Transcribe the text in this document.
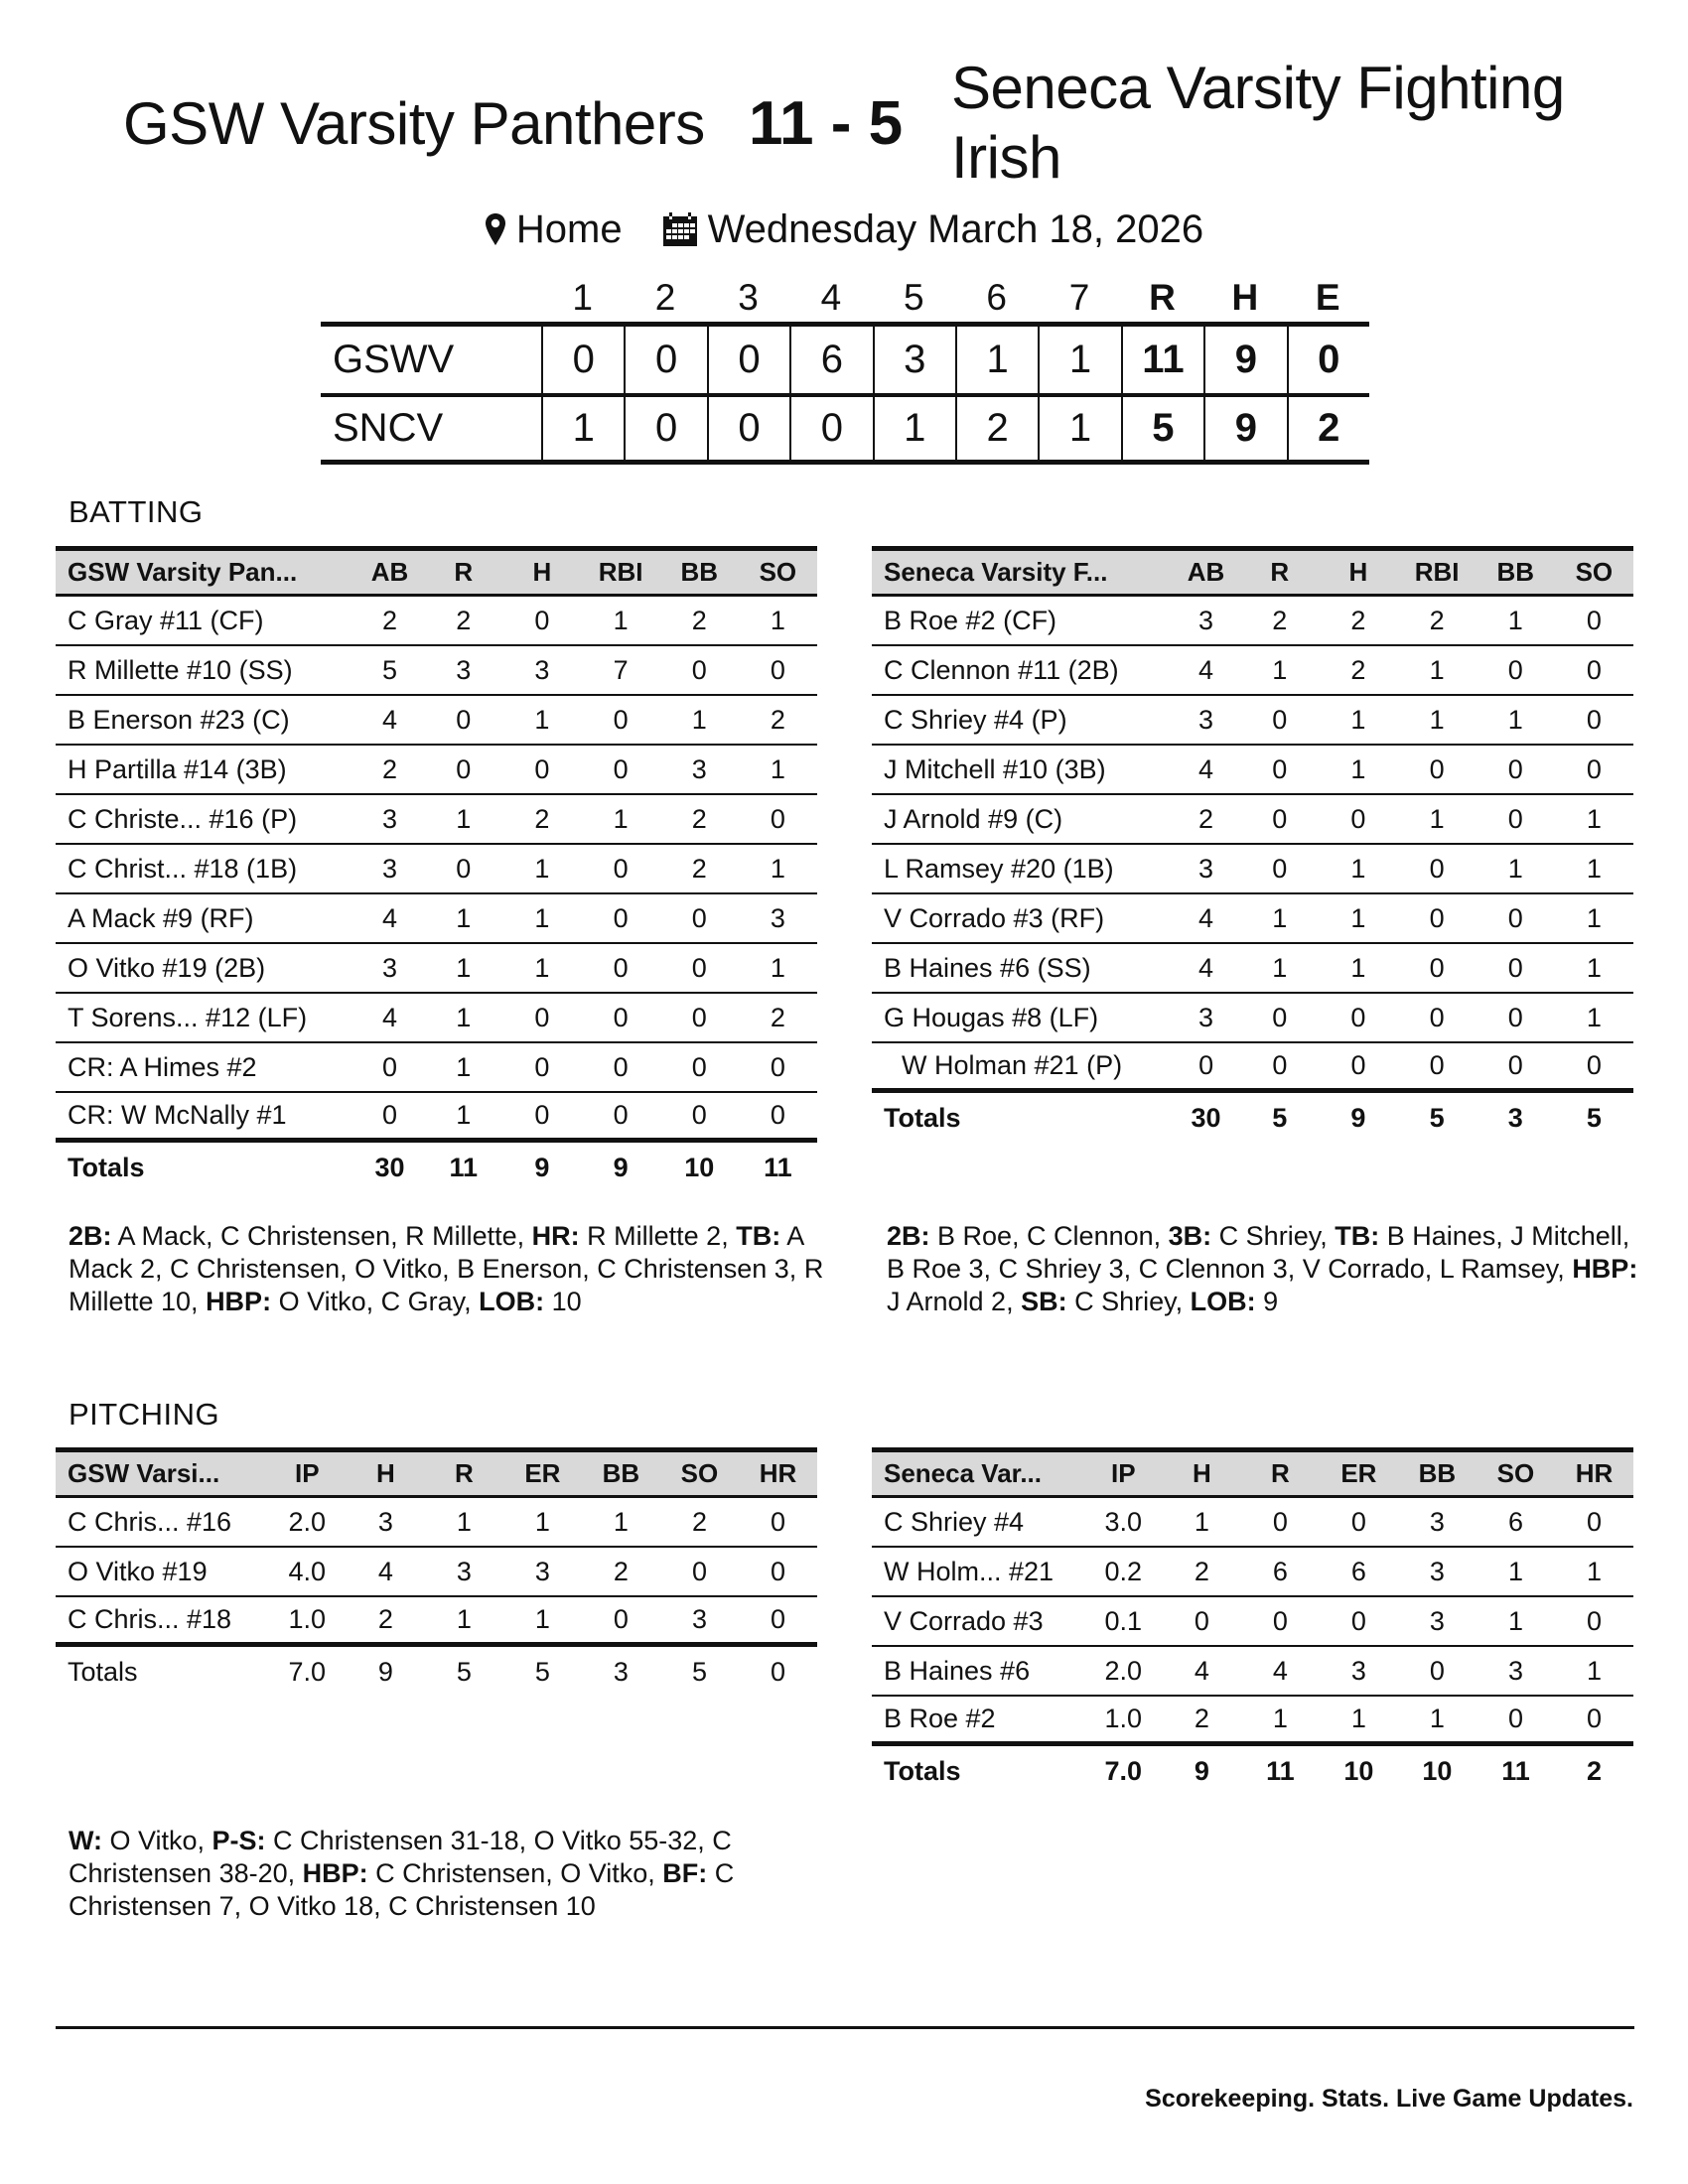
GSW Varsity Panthers 11 - 5
Seneca Varsity Fighting Irish
Home Wednesday March 18, 2026
1	2	3	4	5	6	7	R	H	E
GSWV	0	0	0	6	3	1	1	11	9	0
SNCV	1	0	0	0	1	2	1	5	9	2
BATTING
GSW Varsity Pan...	AB	R	H	RBI	BB	SO
C Gray #11 (CF)	2	2	0	1	2	1
R Millette #10 (SS)	5	3	3	7	0	0
B Enerson #23 (C)	4	0	1	0	1	2
H Partilla #14 (3B)	2	0	0	0	3	1
C Christe... #16 (P)	3	1	2	1	2	0
C Christ... #18 (1B)	3	0	1	0	2	1
A Mack #9 (RF)	4	1	1	0	0	3
O Vitko #19 (2B)	3	1	1	0	0	1
T Sorens... #12 (LF)	4	1	0	0	0	2
CR: A Himes #2	0	1	0	0	0	0
CR: W McNally #1	0	1	0	0	0	0
Totals	30	11	9	9	10	11
Seneca Varsity F...	AB	R	H	RBI	BB	SO
B Roe #2 (CF)	3	2	2	2	1	0
C Clennon #11 (2B)	4	1	2	1	0	0
C Shriey #4 (P)	3	0	1	1	1	0
J Mitchell #10 (3B)	4	0	1	0	0	0
J Arnold #9 (C)	2	0	0	1	0	1
L Ramsey #20 (1B)	3	0	1	0	1	1
V Corrado #3 (RF)	4	1	1	0	0	1
B Haines #6 (SS)	4	1	1	0	0	1
G Hougas #8 (LF)	3	0	0	0	0	1
W Holman #21 (P)	0	0	0	0	0	0
Totals	30	5	9	5	3	5
2B: A Mack, C Christensen, R Millette, HR: R Millette 2, TB: A Mack 2, C Christensen, O Vitko, B Enerson, C Christensen 3, R Millette 10, HBP: O Vitko, C Gray, LOB: 10
2B: B Roe, C Clennon, 3B: C Shriey, TB: B Haines, J Mitchell, B Roe 3, C Shriey 3, C Clennon 3, V Corrado, L Ramsey, HBP: J Arnold 2, SB: C Shriey, LOB: 9
PITCHING
GSW Varsi...	IP	H	R	ER	BB	SO	HR
C Chris... #16	2.0	3	1	1	1	2	0
O Vitko #19	4.0	4	3	3	2	0	0
C Chris... #18	1.0	2	1	1	0	3	0
Totals	7.0	9	5	5	3	5	0
Seneca Var...	IP	H	R	ER	BB	SO	HR
C Shriey #4	3.0	1	0	0	3	6	0
W Holm... #21	0.2	2	6	6	3	1	1
V Corrado #3	0.1	0	0	0	3	1	0
B Haines #6	2.0	4	4	3	0	3	1
B Roe #2	1.0	2	1	1	1	0	0
Totals	7.0	9	11	10	10	11	2
W: O Vitko, P-S: C Christensen 31-18, O Vitko 55-32, C Christensen 38-20, HBP: C Christensen, O Vitko, BF: C Christensen 7, O Vitko 18, C Christensen 10
Scorekeeping. Stats. Live Game Updates.
